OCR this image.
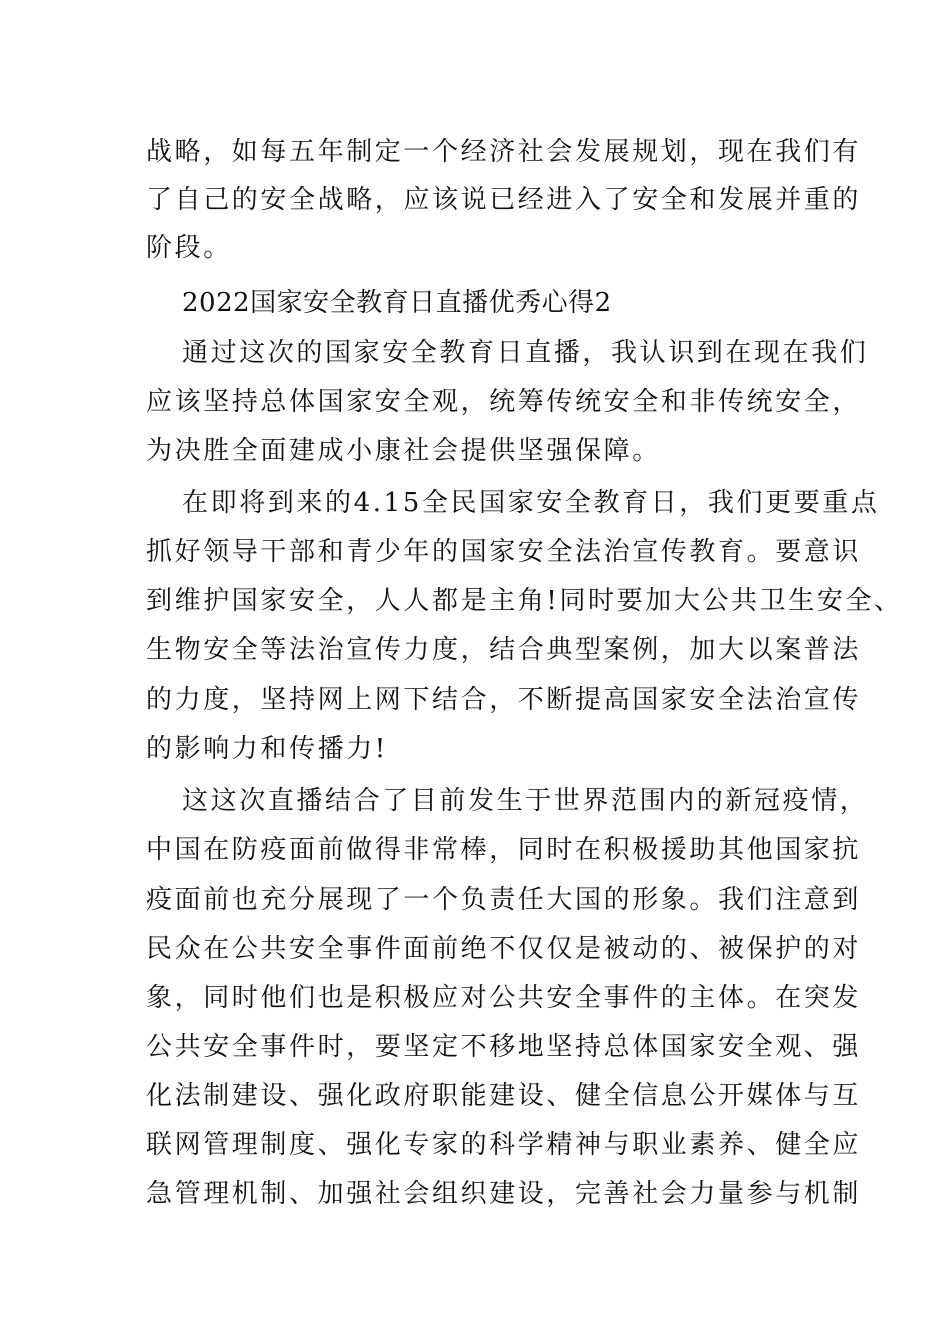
战略，如每五年制定一个经济社会发展规划，现在我们有
了自己的安全战略，应该说已经进入了安全和发展并重的
阶段。
2022国家安全教育日直播优秀心得2
通过这次的国家安全教育日直播，我认识到在现在我们
应该坚持总体国家安全观，统筹传统安全和非传统安全，
为决胜全面建成小康社会提供坚强保障。
在即将到来的4.15全民国家安全教育日，我们更要重点
抓好领导干部和青少年的国家安全法治宣传教育。要意识
到维护国家安全，人人都是主角!同时要加大公共卫生安全、
生物安全等法治宣传力度，结合典型案例，加大以案普法
的力度，坚持网上网下结合，不断提高国家安全法治宣传
的影响力和传播力!
这这次直播结合了目前发生于世界范围内的新冠疫情，
中国在防疫面前做得非常棒，同时在积极援助其他国家抗
疫面前也充分展现了一个负责任大国的形象。我们注意到
民众在公共安全事件面前绝不仅仅是被动的、被保护的对
象，同时他们也是积极应对公共安全事件的主体。在突发
公共安全事件时，要坚定不移地坚持总体国家安全观、强
化法制建设、强化政府职能建设、健全信息公开媒体与互
联网管理制度、强化专家的科学精神与职业素养、健全应
急管理机制、加强社会组织建设，完善社会力量参与机制
